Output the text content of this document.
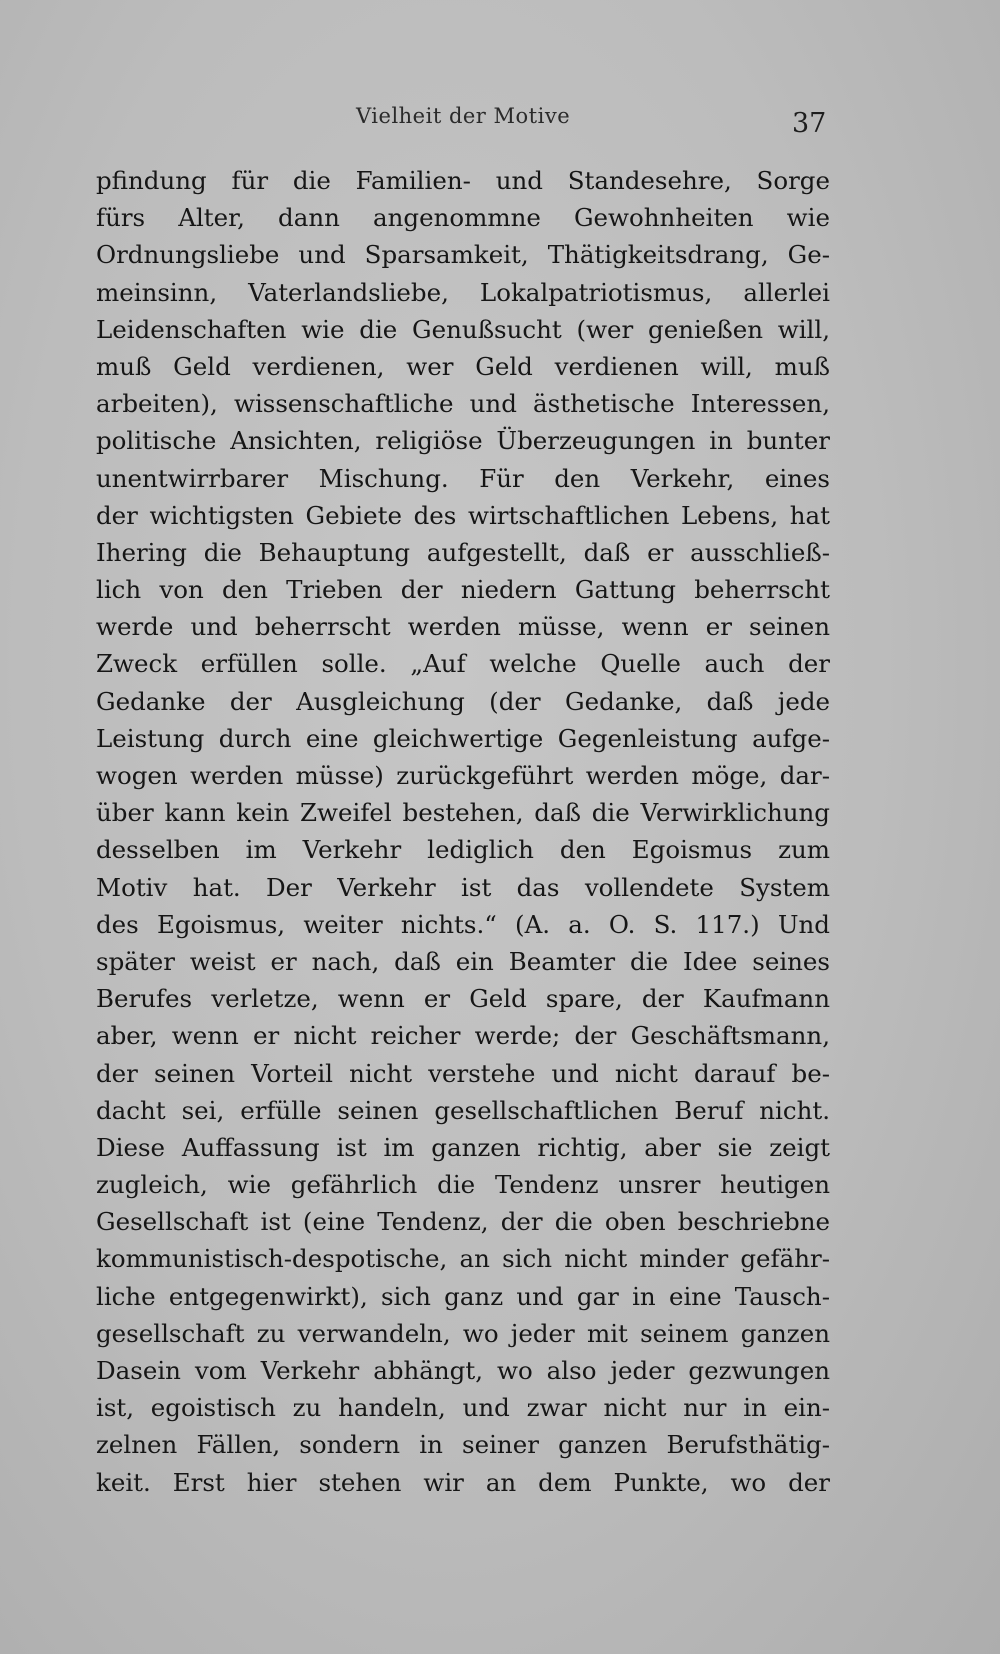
Vielheit der Motive	37
pfindung für die Familien- und Standesehre, Sorge
fürs Alter, dann angenommne Gewohnheiten wie
Ordnungsliebe und Sparsamkeit, Thätigkeitsdrang, Ge-
meinsinn, Vaterlandsliebe, Lokalpatriotismus, allerlei
Leidenschaften wie die Genußsucht (wer genießen will,
muß Geld verdienen, wer Geld verdienen will, muß
arbeiten), wissenschaftliche und ästhetische Interessen,
politische Ansichten, religiöse Überzeugungen in bunter
unentwirrbarer Mischung. Für den Verkehr, eines
der wichtigsten Gebiete des wirtschaftlichen Lebens, hat
Ihering die Behauptung aufgestellt, daß er ausschließ-
lich von den Trieben der niedern Gattung beherrscht
werde und beherrscht werden müsse, wenn er seinen
Zweck erfüllen solle. „Auf welche Quelle auch der
Gedanke der Ausgleichung (der Gedanke, daß jede
Leistung durch eine gleichwertige Gegenleistung aufge-
wogen werden müsse) zurückgeführt werden möge, dar-
über kann kein Zweifel bestehen, daß die Verwirklichung
desselben im Verkehr lediglich den Egoismus zum
Motiv hat. Der Verkehr ist das vollendete System
des Egoismus, weiter nichts.“ (A. a. O. S. 117.) Und
später weist er nach, daß ein Beamter die Idee seines
Berufes verletze, wenn er Geld spare, der Kaufmann
aber, wenn er nicht reicher werde; der Geschäftsmann,
der seinen Vorteil nicht verstehe und nicht darauf be-
dacht sei, erfülle seinen gesellschaftlichen Beruf nicht.
Diese Auffassung ist im ganzen richtig, aber sie zeigt
zugleich, wie gefährlich die Tendenz unsrer heutigen
Gesellschaft ist (eine Tendenz, der die oben beschriebne
kommunistisch-despotische, an sich nicht minder gefähr-
liche entgegenwirkt), sich ganz und gar in eine Tausch-
gesellschaft zu verwandeln, wo jeder mit seinem ganzen
Dasein vom Verkehr abhängt, wo also jeder gezwungen
ist, egoistisch zu handeln, und zwar nicht nur in ein-
zelnen Fällen, sondern in seiner ganzen Berufsthätig-
keit. Erst hier stehen wir an dem Punkte, wo der
